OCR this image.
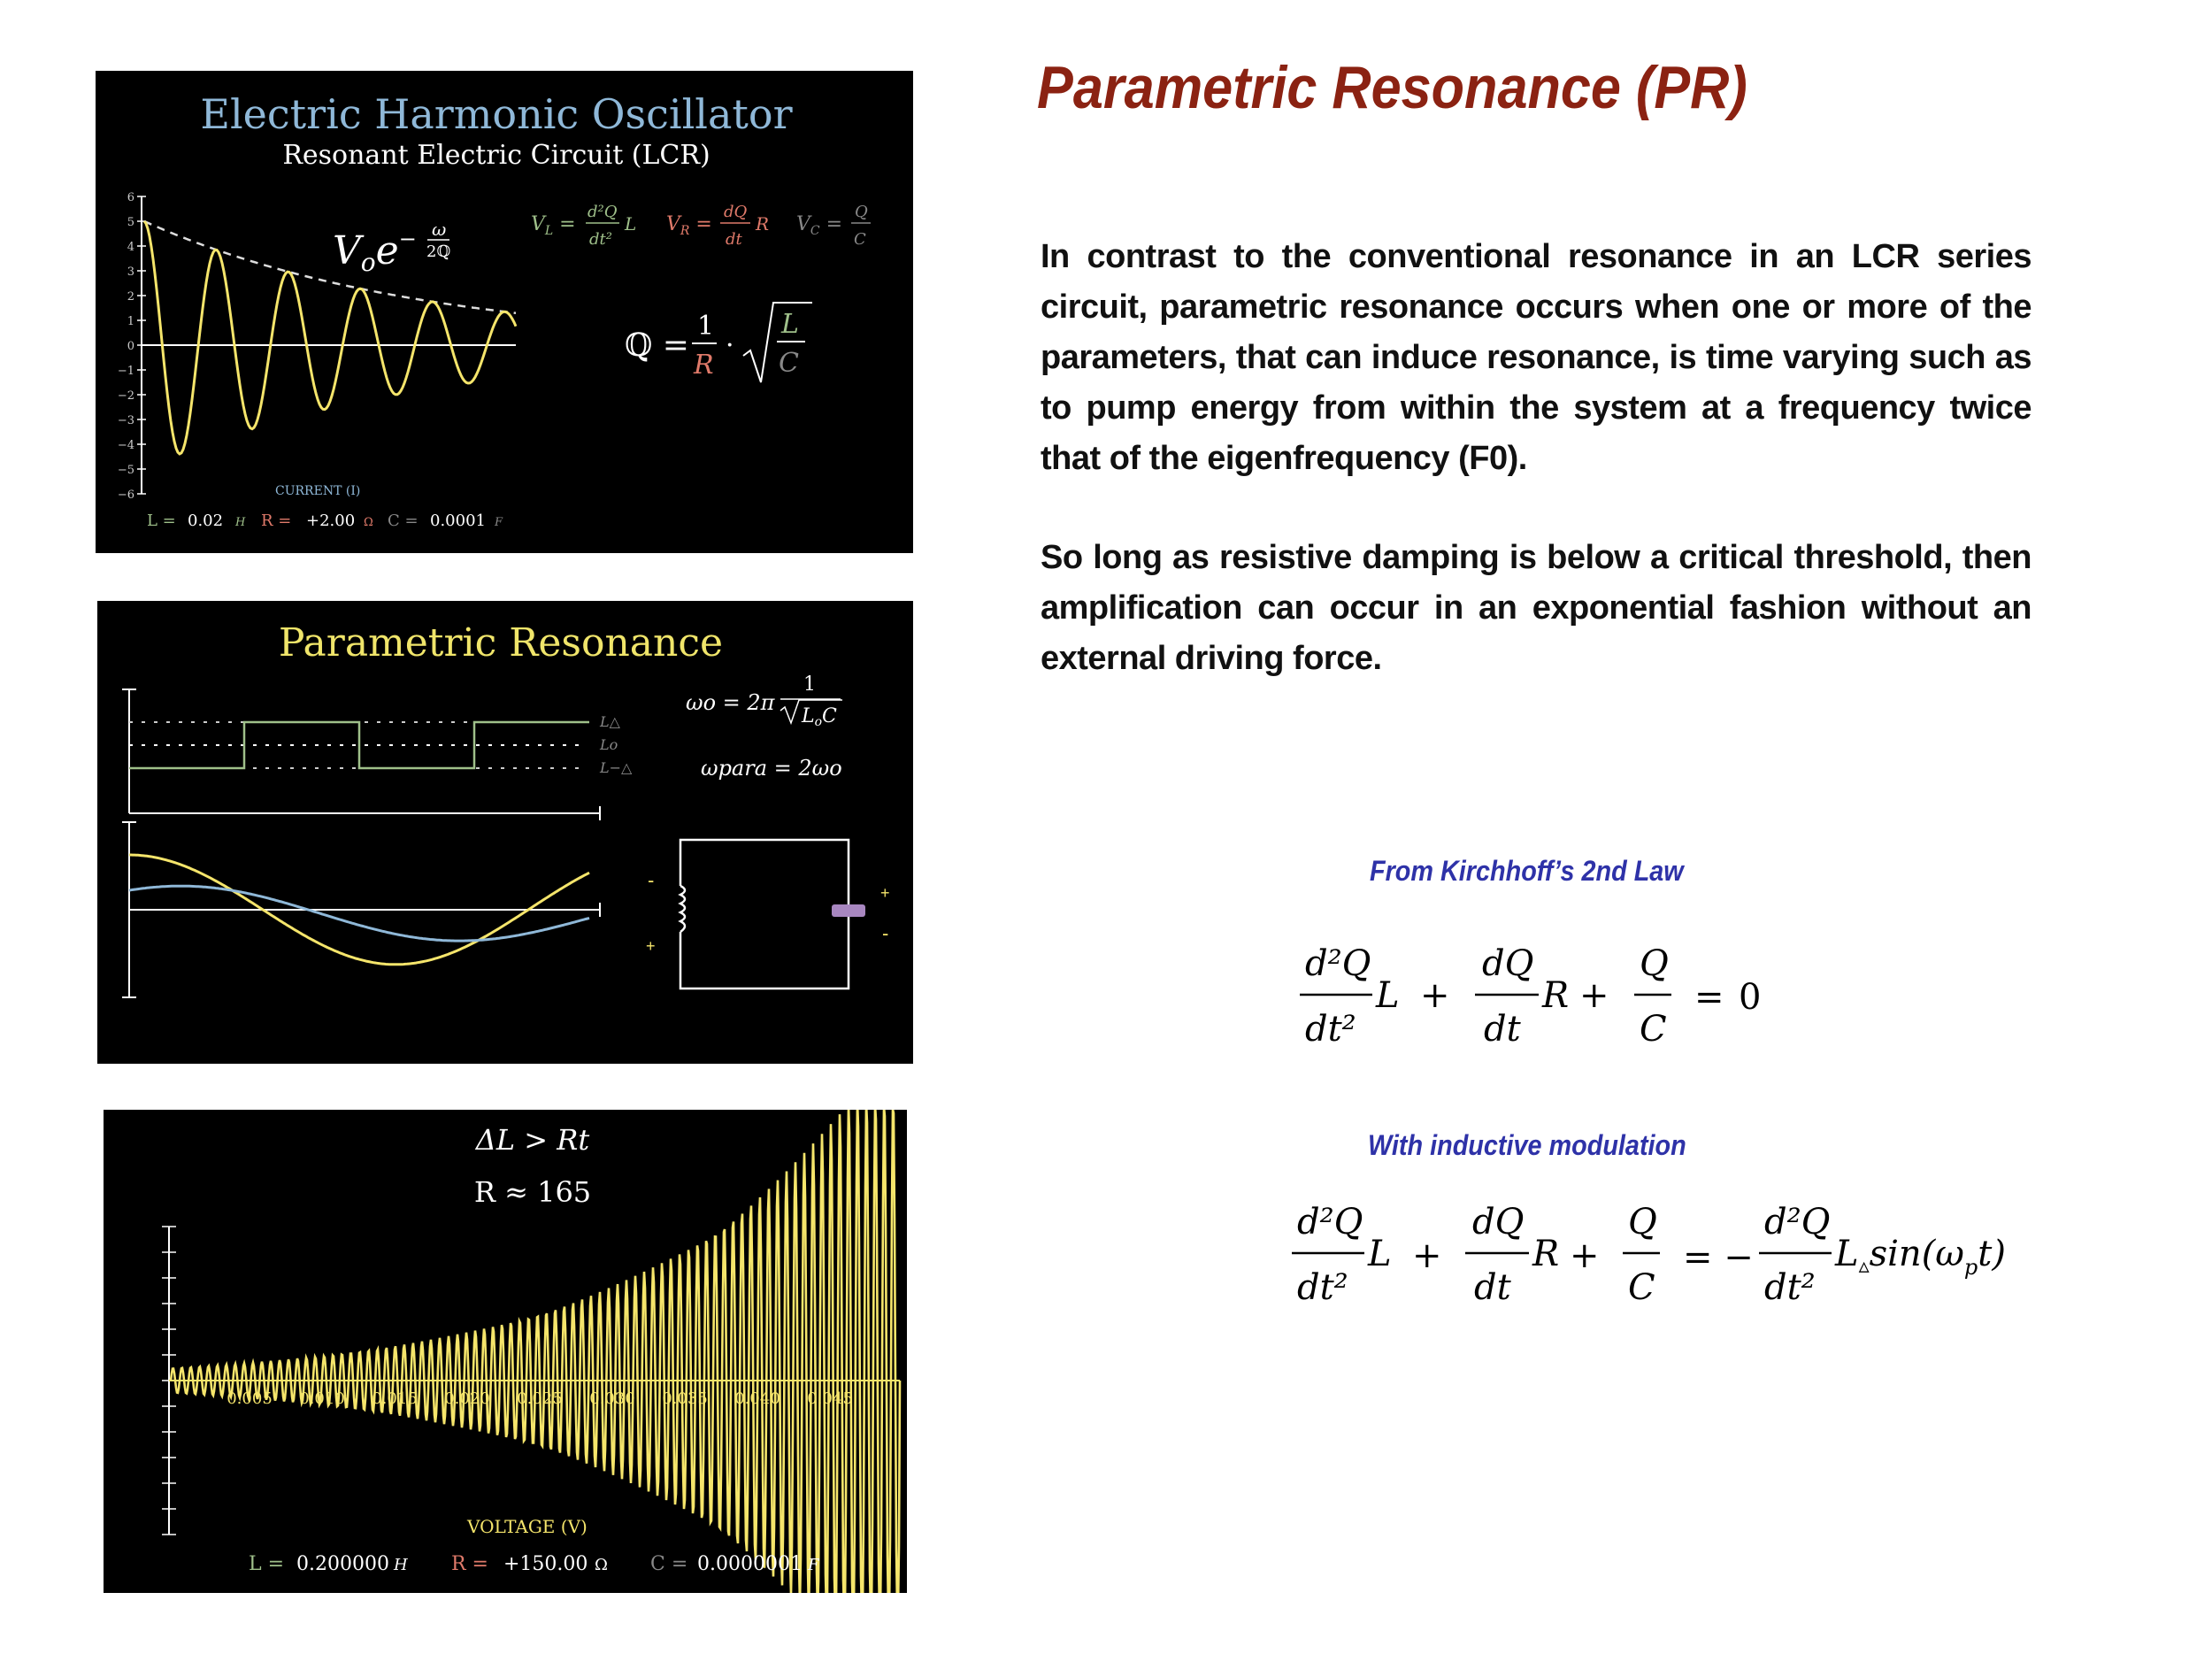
Electric Harmonic Oscillator
Resonant Electric Circuit (LCR)
6
5
4
3
2
1
0
−1
−2
−3
−4
−5
−6
Voe− ω
2ℚ
$V_L$ =
d²Q
dt²
L $V_R$ =
dQ
dt
R $V_C$ =
Q
C
ℚ =
1
R
·
L
C
CURRENT (I)
L = 0.02 H R = +2.00 Ω C = 0.0001 F
Parametric Resonance
L△
Lo
L−△
ωo = 2π
1
LoC
ωpara = 2ωo
-
+
+
-
ΔL > Rt
R ≈ 165
0.005 0.010 0.015 0.020 0.025 0.030 0.035 0.040 0.045
VOLTAGE (V)
L = 0.200000 H R = +150.00 Ω C = 0.0000001 F
Parametric Resonance (PR)

In contrast to the conventional resonance in an LCR series circuit, parametric resonance occurs when one or more of the parameters, that can induce resonance, is time varying such as to pump energy from within the system at a frequency twice that of the eigenfrequency (F0).

So long as resistive damping is below a critical threshold, then amplification can occur in an exponential fashion without an external driving force.

From Kirchhoff’s 2nd Law
With inductive modulation
d²Q
dt²
L +
dQ
dt
R +
Q
C
= 0
d²Q
dt²
L +
dQ
dt
R +
Q
C
= −
d²Q
dt²
$L_▵\sin(\omega_pt)$
